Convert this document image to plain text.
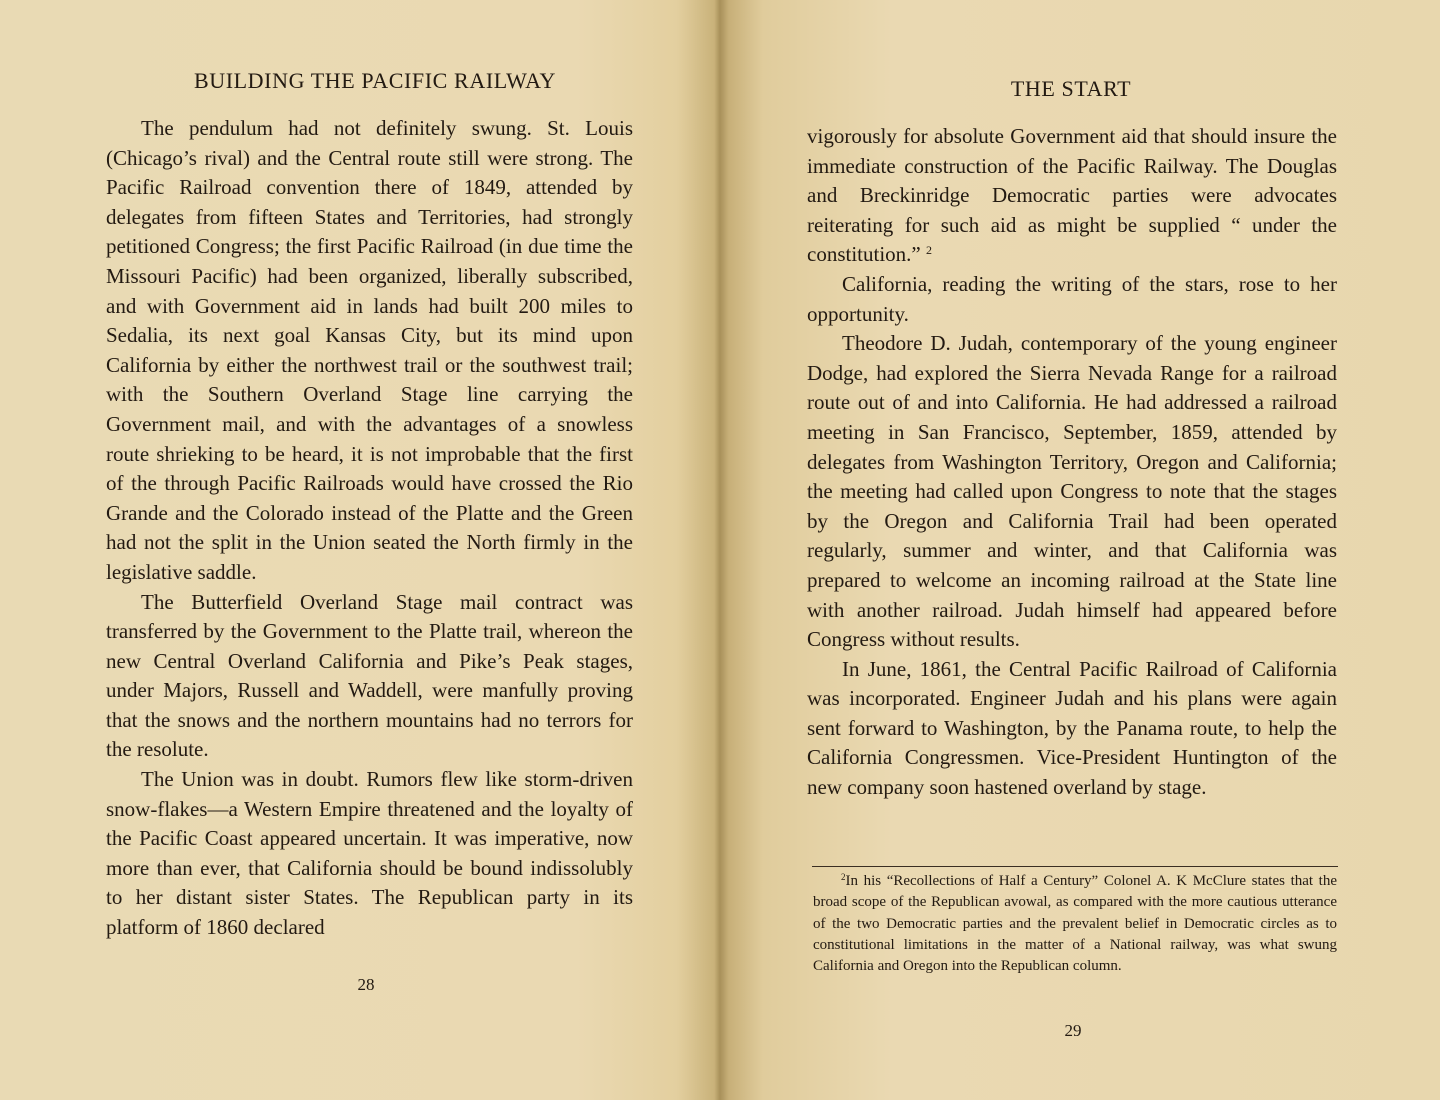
BUILDING THE PACIFIC RAILWAY

The pendulum had not definitely swung. St. Louis (Chicago’s rival) and the Central route still were strong. The Pacific Railroad convention there of 1849, attended by delegates from fifteen States and Territories, had strongly petitioned Congress; the first Pacific Railroad (in due time the Missouri Pacific) had been organized, liberally subscribed, and with Government aid in lands had built 200 miles to Sedalia, its next goal Kansas City, but its mind upon California by either the northwest trail or the southwest trail; with the Southern Overland Stage line carrying the Government mail, and with the advantages of a snowless route shrieking to be heard, it is not improbable that the first of the through Pacific Railroads would have crossed the Rio Grande and the Colorado instead of the Platte and the Green had not the split in the Union seated the North firmly in the legislative saddle.

The Butterfield Overland Stage mail contract was transferred by the Government to the Platte trail, whereon the new Central Overland California and Pike’s Peak stages, under Majors, Russell and Waddell, were manfully proving that the snows and the northern mountains had no terrors for the resolute.

The Union was in doubt. Rumors flew like storm-driven snow-flakes—a Western Empire threatened and the loyalty of the Pacific Coast appeared uncertain. It was imperative, now more than ever, that California should be bound indissolubly to her distant sister States. The Republican party in its platform of 1860 declared

28
THE START

vigorously for absolute Government aid that should insure the immediate construction of the Pacific Railway. The Douglas and Breckinridge Democratic parties were advocates reiterating for such aid as might be supplied “ under the constitution.” $^2$

California, reading the writing of the stars, rose to her opportunity.

Theodore D. Judah, contemporary of the young engineer Dodge, had explored the Sierra Nevada Range for a railroad route out of and into California. He had addressed a railroad meeting in San Francisco, September, 1859, attended by delegates from Washington Territory, Oregon and California; the meeting had called upon Congress to note that the stages by the Oregon and California Trail had been operated regularly, summer and winter, and that California was prepared to welcome an incoming railroad at the State line with another railroad. Judah himself had appeared before Congress without results.

In June, 1861, the Central Pacific Railroad of California was incorporated. Engineer Judah and his plans were again sent forward to Washington, by the Panama route, to help the California Congressmen. Vice-President Huntington of the new company soon hastened overland by stage.

$^2$In his “Recollections of Half a Century” Colonel A. K McClure states that the broad scope of the Republican avowal, as compared with the more cautious utterance of the two Democratic parties and the prevalent belief in Democratic circles as to constitutional limitations in the matter of a National railway, was what swung California and Oregon into the Republican column.

29
